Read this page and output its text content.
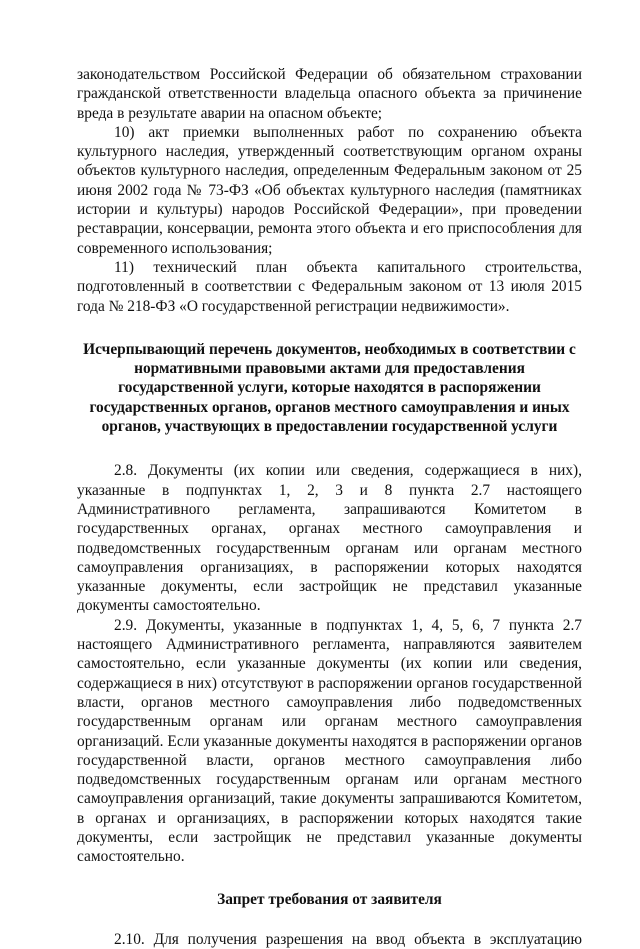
законодательством Российской Федерации об обязательном страховании гражданской ответственности владельца опасного объекта за причинение вреда в результате аварии на опасном объекте;

10) акт приемки выполненных работ по сохранению объекта культурного наследия, утвержденный соответствующим органом охраны объектов культурного наследия, определенным Федеральным законом от 25 июня 2002 года № 73-ФЗ «Об объектах культурного наследия (памятниках истории и культуры) народов Российской Федерации», при проведении реставрации, консервации, ремонта этого объекта и его приспособления для современного использования;

11) технический план объекта капитального строительства, подготовленный в соответствии с Федеральным законом от 13 июля 2015 года № 218-ФЗ «О государственной регистрации недвижимости».

Исчерпывающий перечень документов, необходимых в соответствии с нормативными правовыми актами для предоставления государственной услуги, которые находятся в распоряжении государственных органов, органов местного самоуправления и иных органов, участвующих в предоставлении государственной услуги

2.8. Документы (их копии или сведения, содержащиеся в них), указанные в подпунктах 1, 2, 3 и 8 пункта 2.7 настоящего Административного регламента, запрашиваются Комитетом в государственных органах, органах местного самоуправления и подведомственных государственным органам или органам местного самоуправления организациях, в распоряжении которых находятся указанные документы, если застройщик не представил указанные документы самостоятельно.

2.9. Документы, указанные в подпунктах 1, 4, 5, 6, 7 пункта 2.7 настоящего Административного регламента, направляются заявителем самостоятельно, если указанные документы (их копии или сведения, содержащиеся в них) отсутствуют в распоряжении органов государственной власти, органов местного самоуправления либо подведомственных государственным органам или органам местного самоуправления организаций. Если указанные документы находятся в распоряжении органов государственной власти, органов местного самоуправления либо подведомственных государственным органам или органам местного самоуправления организаций, такие документы запрашиваются Комитетом, в органах и организациях, в распоряжении которых находятся такие документы, если застройщик не представил указанные документы самостоятельно.

Запрет требования от заявителя

2.10. Для получения разрешения на ввод объекта в эксплуатацию
